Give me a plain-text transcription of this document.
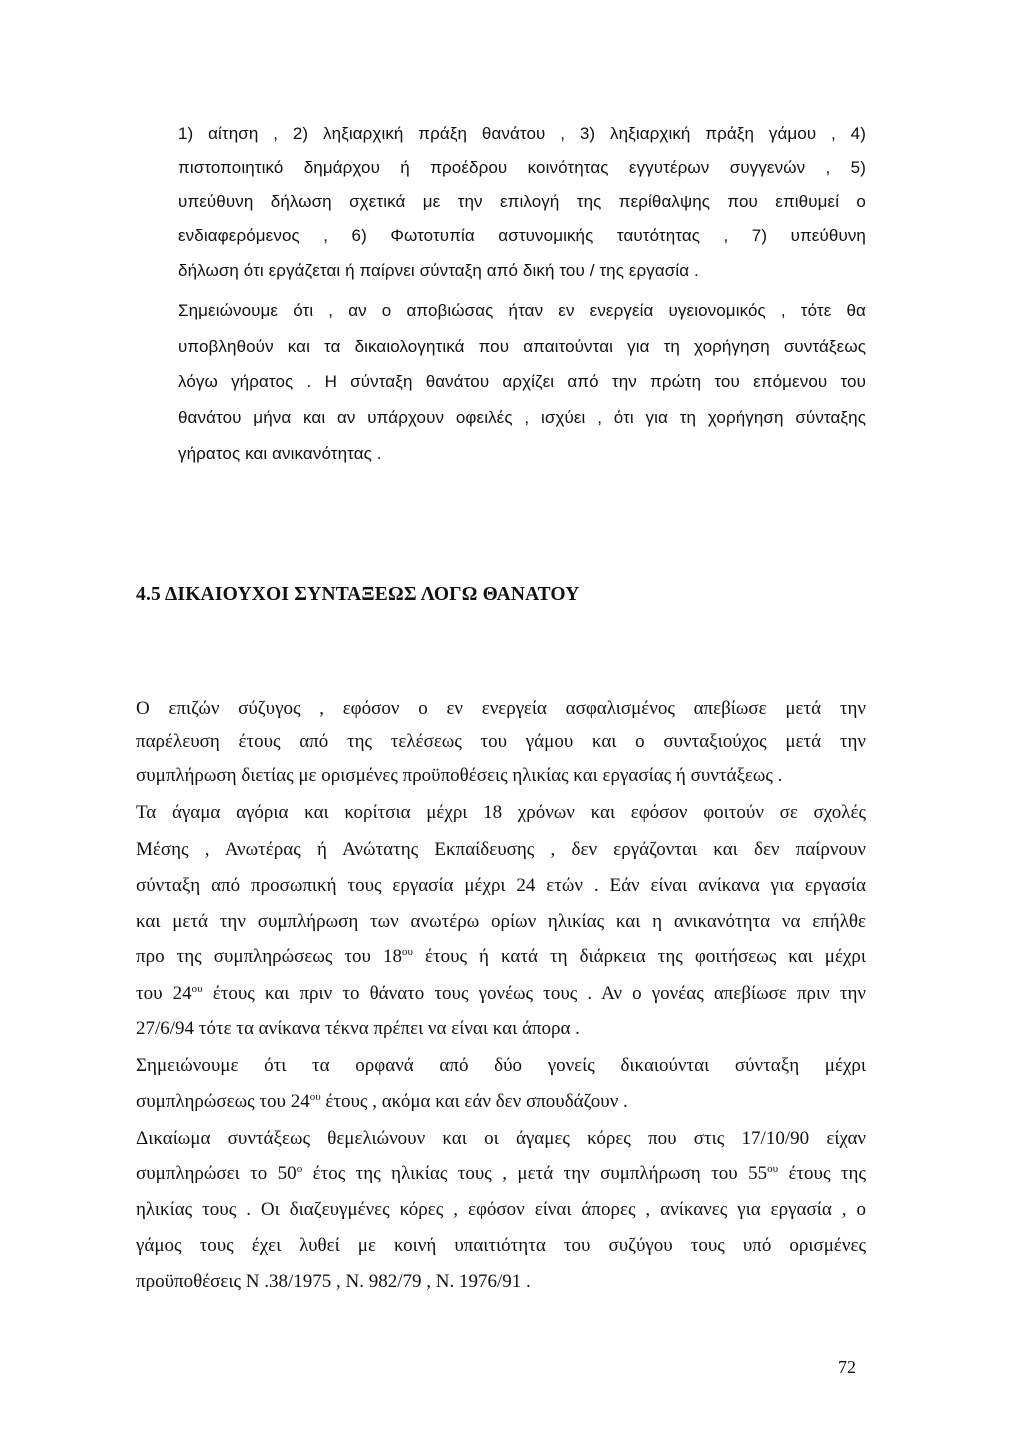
1) αίτηση , 2) ληξιαρχική πράξη θανάτου , 3) ληξιαρχική πράξη γάμου , 4)
πιστοποιητικό δημάρχου ή προέδρου κοινότητας εγγυτέρων συγγενών , 5)
υπεύθυνη δήλωση σχετικά με την επιλογή της περίθαλψης που επιθυμεί ο
ενδιαφερόμενος , 6) Φωτοτυπία αστυνομικής ταυτότητας , 7) υπεύθυνη
δήλωση ότι εργάζεται ή παίρνει σύνταξη από δική του / της εργασία .
Σημειώνουμε ότι , αν ο αποβιώσας ήταν εν ενεργεία υγειονομικός , τότε θα
υποβληθούν και τα δικαιολογητικά που απαιτούνται για τη χορήγηση συντάξεως
λόγω γήρατος . Η σύνταξη θανάτου αρχίζει από την πρώτη του επόμενου του
θανάτου μήνα και αν υπάρχουν οφειλές , ισχύει , ότι για τη χορήγηση σύνταξης
γήρατος και ανικανότητας .
4.5 ΔΙΚΑΙΟΥΧΟΙ ΣΥΝΤΑΞΕΩΣ ΛΟΓΩ ΘΑΝΑΤΟΥ
Ο επιζών σύζυγος , εφόσον ο εν ενεργεία ασφαλισμένος απεβίωσε μετά την
παρέλευση έτους από της τελέσεως του γάμου και ο συνταξιούχος μετά την
συμπλήρωση διετίας με ορισμένες προϋποθέσεις ηλικίας και εργασίας ή συντάξεως .
Τα άγαμα αγόρια και κορίτσια μέχρι 18 χρόνων και εφόσον φοιτούν σε σχολές
Μέσης , Ανωτέρας ή Ανώτατης Εκπαίδευσης , δεν εργάζονται και δεν παίρνουν
σύνταξη από προσωπική τους εργασία μέχρι 24 ετών . Εάν είναι ανίκανα για εργασία
και μετά την συμπλήρωση των ανωτέρω ορίων ηλικίας και η ανικανότητα να επήλθε
προ της συμπληρώσεως του $18^{o\upsilon}$ έτους ή κατά τη διάρκεια της φοιτήσεως και μέχρι
του $24^{o\upsilon}$ έτους και πριν το θάνατο τους γονέως τους . Αν ο γονέας απεβίωσε πριν την
27/6/94 τότε τα ανίκανα τέκνα πρέπει να είναι και άπορα .
Σημειώνουμε ότι τα ορφανά από δύο γονείς δικαιούνται σύνταξη μέχρι
συμπληρώσεως του $24^{o\upsilon}$ έτους , ακόμα και εάν δεν σπουδάζουν .
Δικαίωμα συντάξεως θεμελιώνουν και οι άγαμες κόρες που στις 17/10/90 είχαν
συμπληρώσει το $50^o$ έτος της ηλικίας τους , μετά την συμπλήρωση του $55^{o\upsilon}$ έτους της
ηλικίας τους . Οι διαζευγμένες κόρες , εφόσον είναι άπορες , ανίκανες για εργασία , ο
γάμος τους έχει λυθεί με κοινή υπαιτιότητα του συζύγου τους υπό ορισμένες
προϋποθέσεις Ν .38/1975 , Ν. 982/79 , Ν. 1976/91 .
72
